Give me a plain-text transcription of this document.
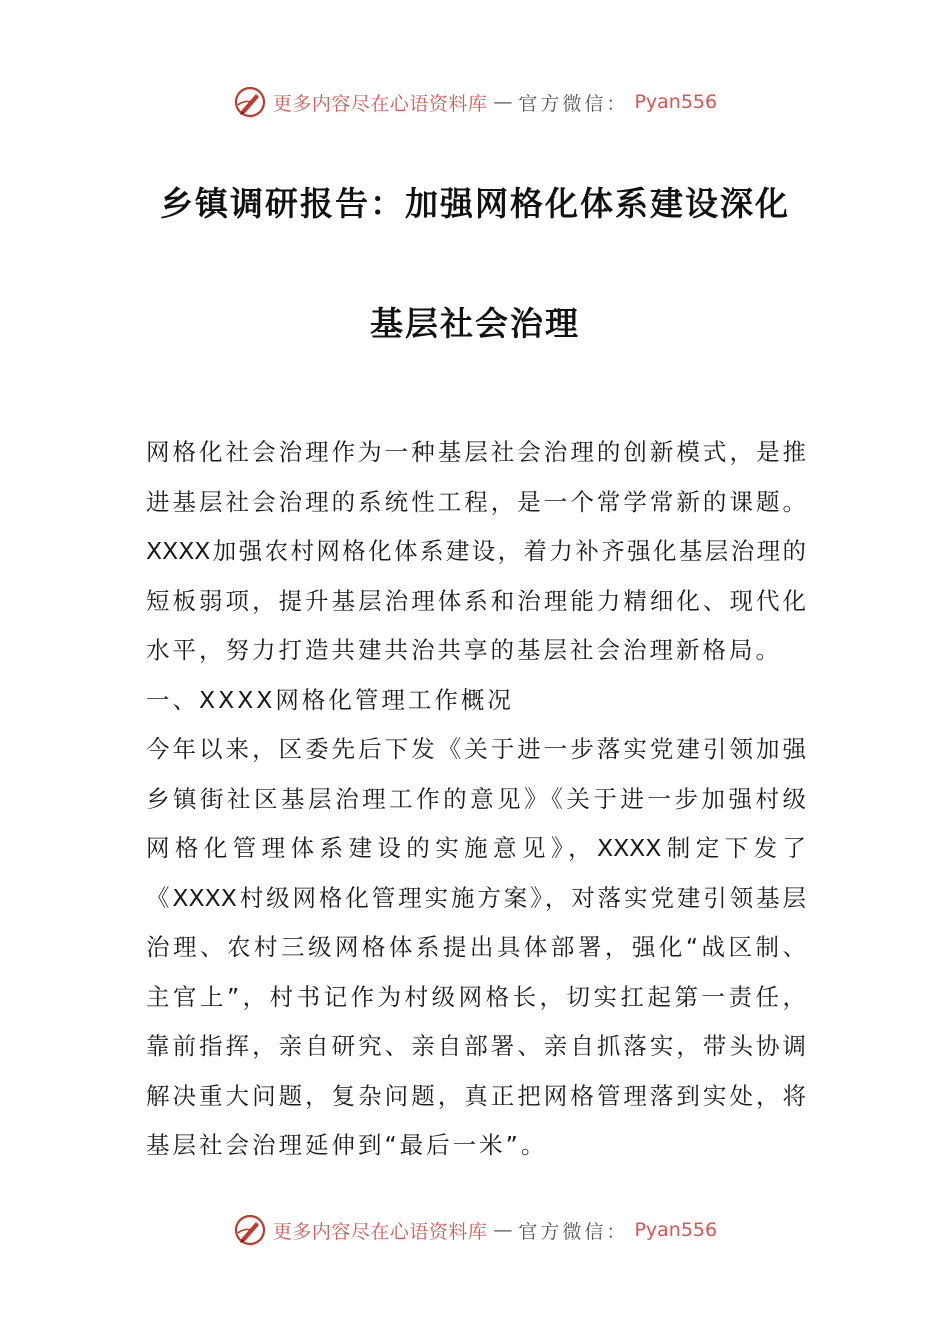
更多内容尽在心语资料库 — 官方微信： Pyan556
乡镇调研报告：加强网格化体系建设深化
基层社会治理
网格化社会治理作为一种基层社会治理的创新模式，是推
进基层社会治理的系统性工程，是一个常学常新的课题。
XXXX加强农村网格化体系建设，着力补齐强化基层治理的
短板弱项，提升基层治理体系和治理能力精细化、现代化
水平，努力打造共建共治共享的基层社会治理新格局。
一、XXXX网格化管理工作概况
今年以来，区委先后下发《关于进一步落实党建引领加强
乡镇街社区基层治理工作的意见》《关于进一步加强村级
网格化管理体系建设的实施意见》，XXXX制定下发了
《XXXX村级网格化管理实施方案》，对落实党建引领基层
治理、农村三级网格体系提出具体部署，强化“战区制、
主官上”，村书记作为村级网格长，切实扛起第一责任，
靠前指挥，亲自研究、亲自部署、亲自抓落实，带头协调
解决重大问题，复杂问题，真正把网格管理落到实处，将
基层社会治理延伸到“最后一米”。
更多内容尽在心语资料库 — 官方微信： Pyan556
